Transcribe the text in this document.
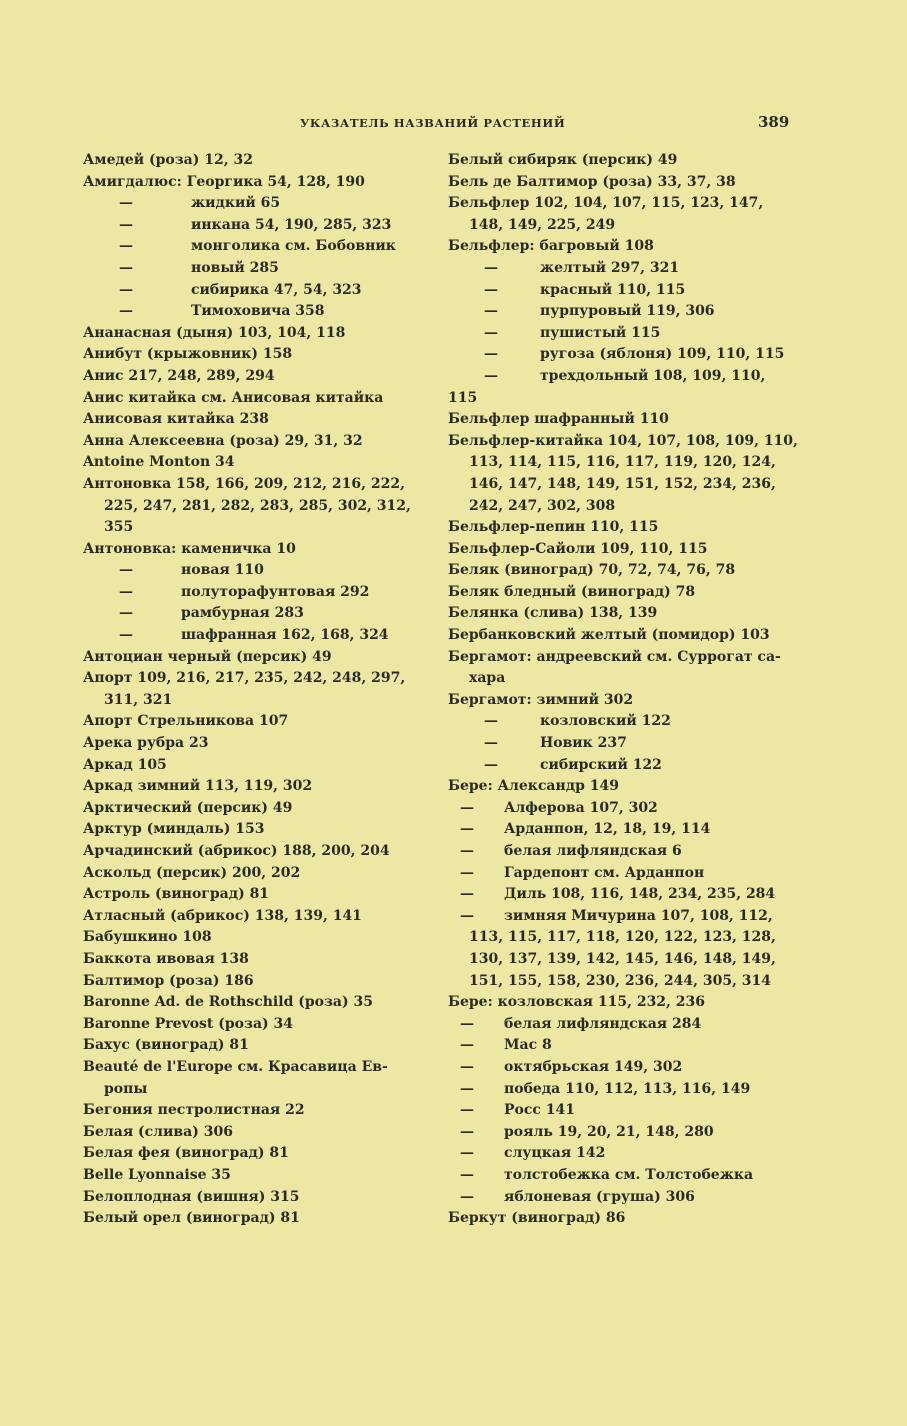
УКАЗАТЕЛЬ НАЗВАНИЙ РАСТЕНИЙ	389
Амедей (роза) 12, 32
Амигдалюс: Георгика 54, 128, 190
—	жидкий 65
—	инкана 54, 190, 285, 323
—	монголика см. Бобовник
—	новый 285
—	сибирика 47, 54, 323
—	Тимоховича 358
Ананасная (дыня) 103, 104, 118
Анибут (крыжовник) 158
Анис 217, 248, 289, 294
Анис китайка см. Анисовая китайка
Анисовая китайка 238
Анна Алексеевна (роза) 29, 31, 32
Antoine Monton 34
Антоновка 158, 166, 209, 212, 216, 222,
225, 247, 281, 282, 283, 285, 302, 312,
355
Антоновка: каменичка 10
—	новая 110
—	полуторафунтовая 292
—	рамбурная 283
—	шафранная 162, 168, 324
Антоциан черный (персик) 49
Апорт 109, 216, 217, 235, 242, 248, 297,
311, 321
Апорт Стрельникова 107
Арека рубра 23
Аркад 105
Аркад зимний 113, 119, 302
Арктический (персик) 49
Арктур (миндаль) 153
Арчадинский (абрикос) 188, 200, 204
Аскольд (персик) 200, 202
Астроль (виноград) 81
Атласный (абрикос) 138, 139, 141
Бабушкино 108
Баккота ивовая 138
Балтимор (роза) 186
Baronne Ad. de Rothschild (роза) 35
Baronne Prevost (роза) 34
Бахус (виноград) 81
Beauté de l'Europe см. Красавица Ев-
ропы
Бегония пестролистная 22
Белая (слива) 306
Белая фея (виноград) 81
Belle Lyonnaise 35
Белоплодная (вишня) 315
Белый орел (виноград) 81
Белый сибиряк (персик) 49
Бель де Балтимор (роза) 33, 37, 38
Бельфлер 102, 104, 107, 115, 123, 147,
148, 149, 225, 249
Бельфлер: багровый 108
—	желтый 297, 321
—	красный 110, 115
—	пурпуровый 119, 306
—	пушистый 115
—	ругоза (яблоня) 109, 110, 115
—	трехдольный 108, 109, 110,
115
Бельфлер шафранный 110
Бельфлер-китайка 104, 107, 108, 109, 110,
113, 114, 115, 116, 117, 119, 120, 124,
146, 147, 148, 149, 151, 152, 234, 236,
242, 247, 302, 308
Бельфлер-пепин 110, 115
Бельфлер-Сайоли 109, 110, 115
Беляк (виноград) 70, 72, 74, 76, 78
Беляк бледный (виноград) 78
Белянка (слива) 138, 139
Бербанковский желтый (помидор) 103
Бергамот: андреевский см. Суррогат са-
хара
Бергамот: зимний 302
—	козловский 122
—	Новик 237
—	сибирский 122
Бере: Александр 149
— Алферова 107, 302
— Арданпон, 12, 18, 19, 114
— белая лифляндская 6
— Гардепонт см. Арданпон
— Диль 108, 116, 148, 234, 235, 284
— зимняя Мичурина 107, 108, 112,
113, 115, 117, 118, 120, 122, 123, 128,
130, 137, 139, 142, 145, 146, 148, 149,
151, 155, 158, 230, 236, 244, 305, 314
Бере: козловская 115, 232, 236
— белая лифляндская 284
— Мас 8
— октябрьская 149, 302
— победа 110, 112, 113, 116, 149
— Росс 141
— рояль 19, 20, 21, 148, 280
— слуцкая 142
— толстобежка см. Толстобежка
— яблоневая (груша) 306
Беркут (виноград) 86
